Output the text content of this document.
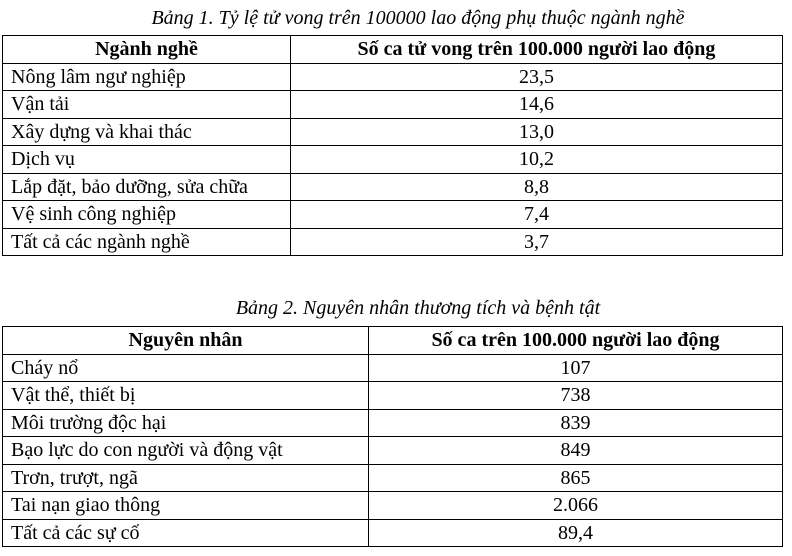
Bảng 1. Tỷ lệ tử vong trên 100000 lao động phụ thuộc ngành nghề
Ngành nghề	Số ca tử vong trên 100.000 người lao động
Nông lâm ngư nghiệp	23,5
Vận tải	14,6
Xây dựng và khai thác	13,0
Dịch vụ	10,2
Lắp đặt, bảo dưỡng, sửa chữa	8,8
Vệ sinh công nghiệp	7,4
Tất cả các ngành nghề	3,7
Bảng 2. Nguyên nhân thương tích và bệnh tật
Nguyên nhân	Số ca trên 100.000 người lao động
Cháy nổ	107
Vật thể, thiết bị	738
Môi trường độc hại	839
Bạo lực do con người và động vật	849
Trơn, trượt, ngã	865
Tai nạn giao thông	2.066
Tất cả các sự cố	89,4
